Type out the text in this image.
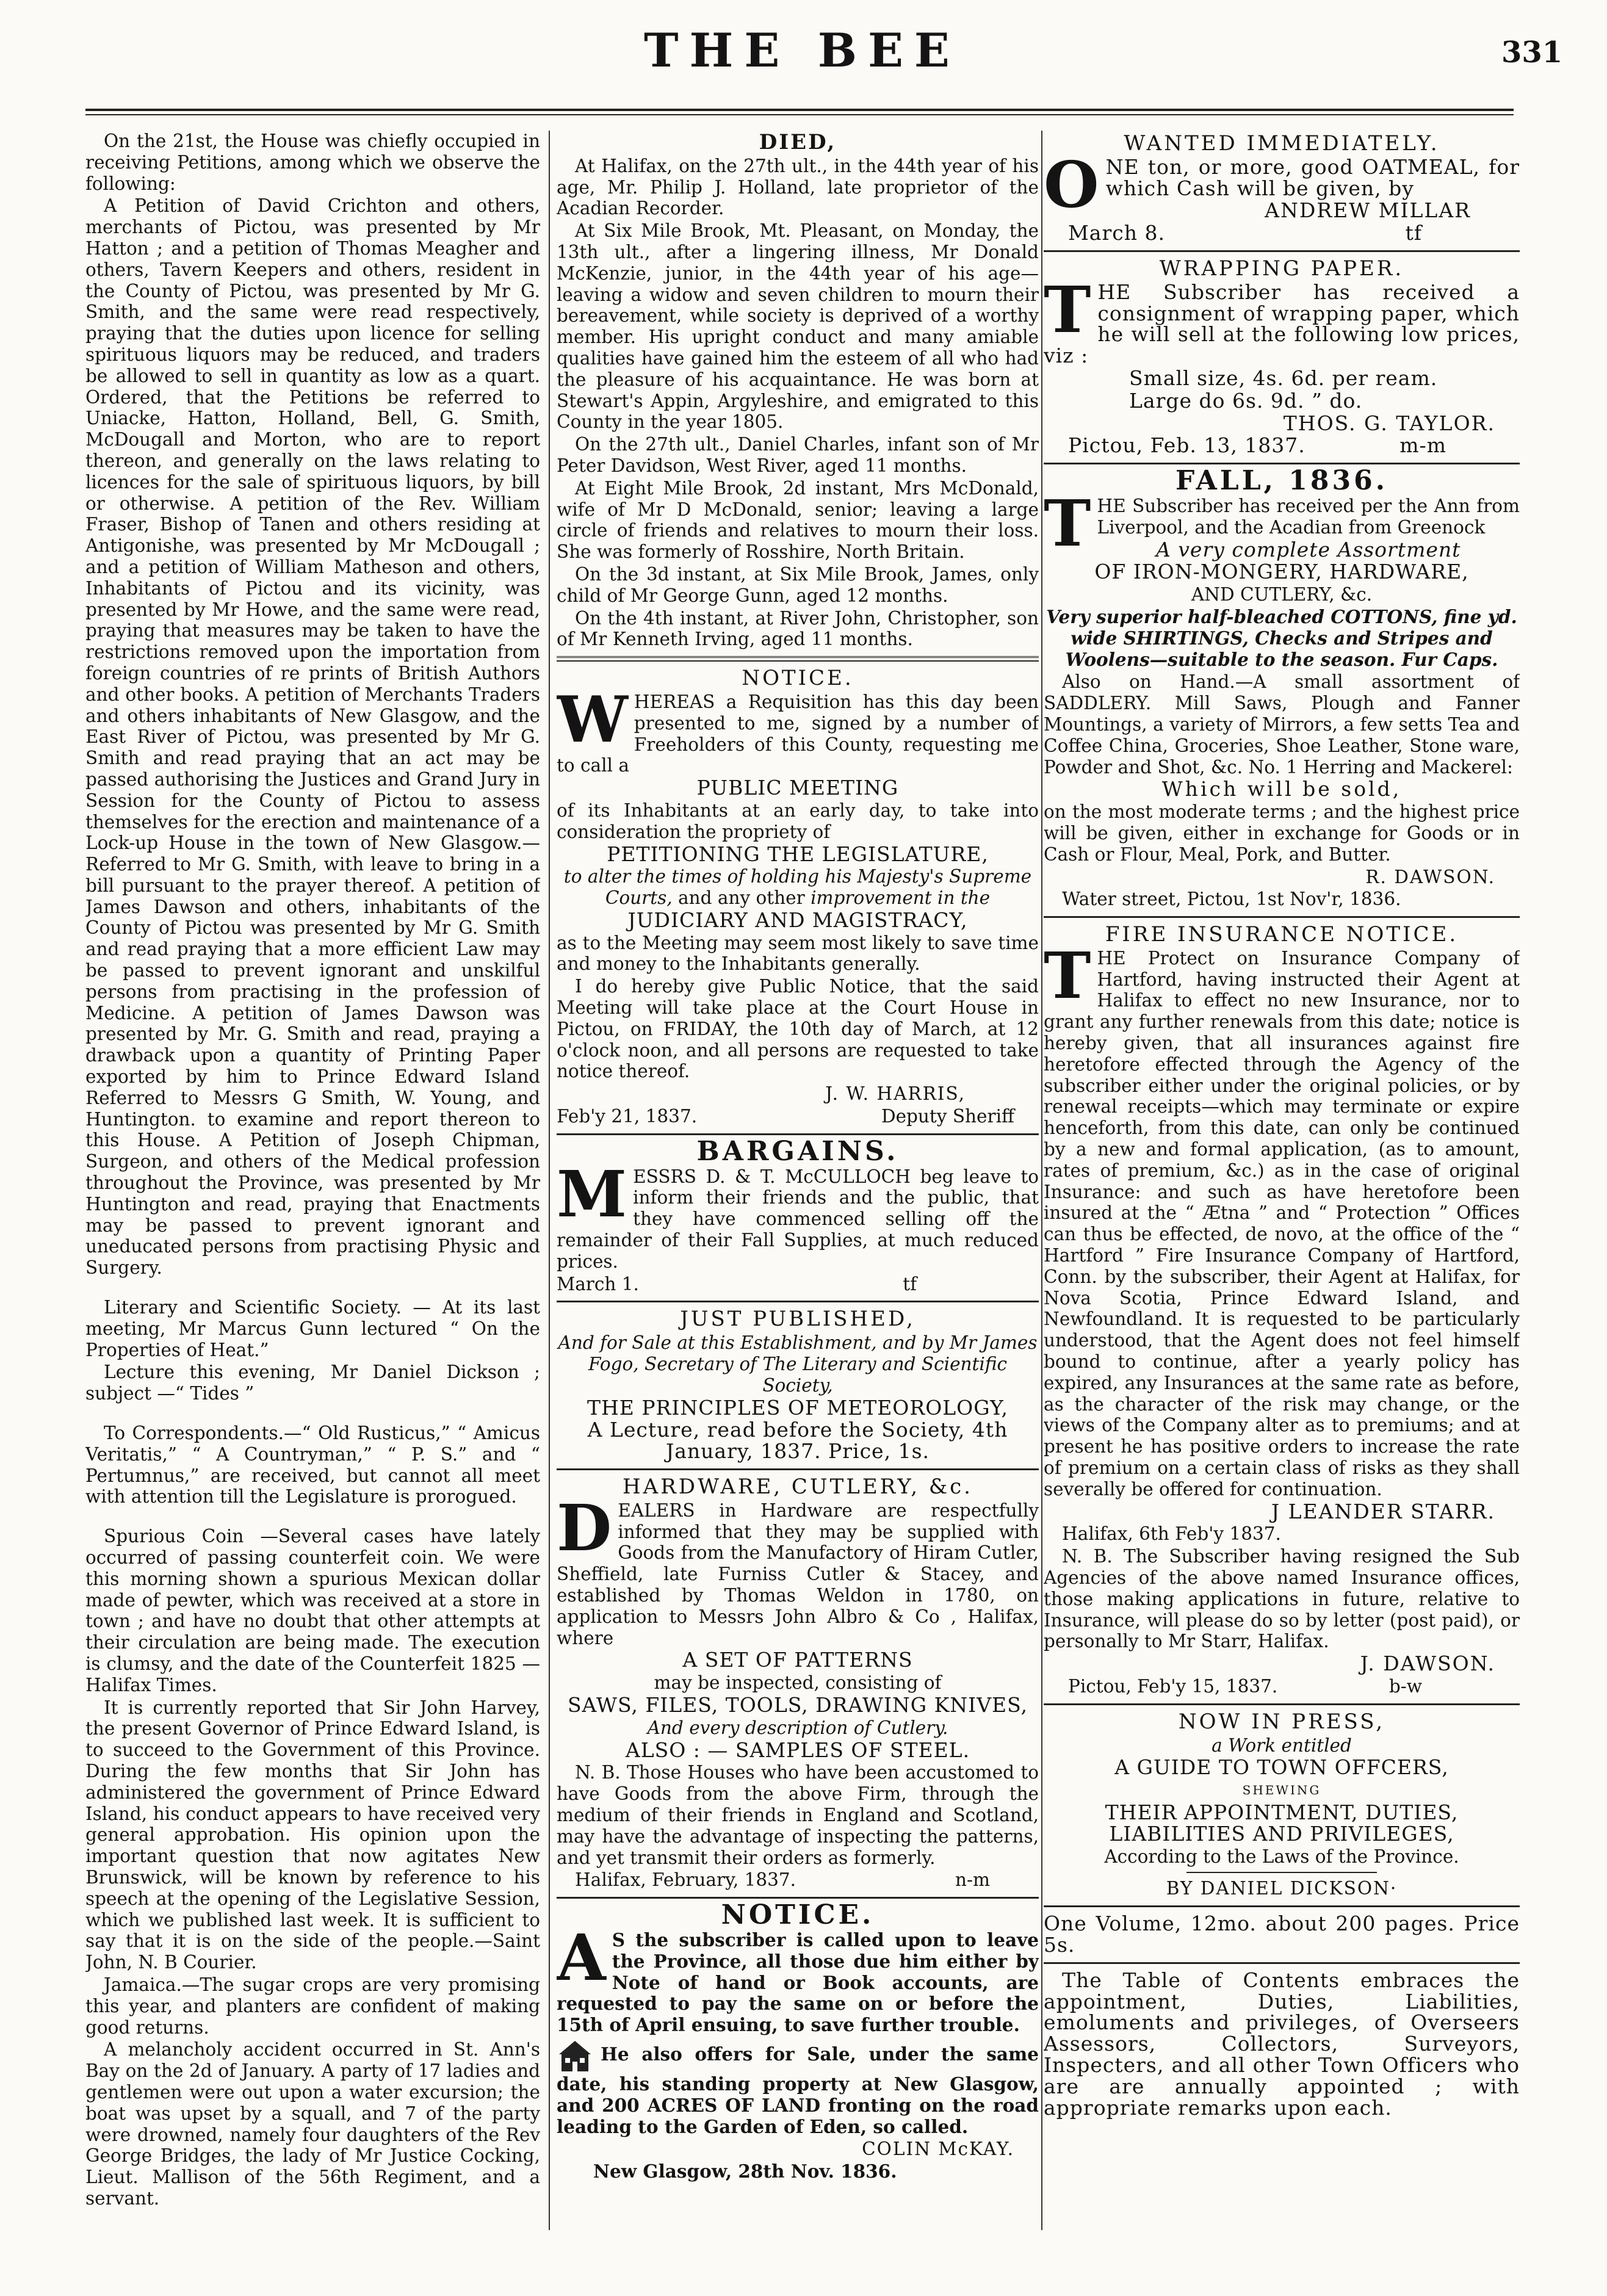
THE BEE	331

On the 21st, the House was chiefly occupied in receiving Petitions, among which we observe the following:

A Petition of David Crichton and others, merchants of Pictou, was presented by Mr Hatton ; and a petition of Thomas Meagher and others, Tavern Keepers and others, resident in the County of Pictou, was presented by Mr G. Smith, and the same were read respectively, praying that the duties upon licence for selling spirituous liquors may be reduced, and traders be allowed to sell in quantity as low as a quart. Ordered, that the Petitions be referred to Uniacke, Hatton, Holland, Bell, G. Smith, McDougall and Morton, who are to report thereon, and generally on the laws relating to licences for the sale of spirituous liquors, by bill or otherwise. A petition of the Rev. William Fraser, Bishop of Tanen and others residing at Antigonishe, was presented by Mr McDougall ; and a petition of William Matheson and others, Inhabitants of Pictou and its vicinity, was presented by Mr Howe, and the same were read, praying that measures may be taken to have the restrictions removed upon the importation from foreign countries of re prints of British Authors and other books. A petition of Merchants Traders and others inhabitants of New Glasgow, and the East River of Pictou, was presented by Mr G. Smith and read praying that an act may be passed authorising the Justices and Grand Jury in Session for the County of Pictou to assess themselves for the erection and maintenance of a Lock-up House in the town of New Glasgow.—Referred to Mr G. Smith, with leave to bring in a bill pursuant to the prayer thereof. A petition of James Dawson and others, inhabitants of the County of Pictou was presented by Mr G. Smith and read praying that a more efficient Law may be passed to prevent ignorant and unskilful persons from practising in the profession of Medicine. A petition of James Dawson was presented by Mr. G. Smith and read, praying a drawback upon a quantity of Printing Paper exported by him to Prince Edward Island Referred to Messrs G Smith, W. Young, and Huntington. to examine and report thereon to this House. A Petition of Joseph Chipman, Surgeon, and others of the Medical profession throughout the Province, was presented by Mr Huntington and read, praying that Enactments may be passed to prevent ignorant and uneducated persons from practising Physic and Surgery.

Literary and Scientific Society. — At its last meeting, Mr Marcus Gunn lectured “ On the Properties of Heat.”

Lecture this evening, Mr Daniel Dickson ; subject —“ Tides ”

To Correspondents.—“ Old Rusticus,” “ Amicus Veritatis,” “ A Countryman,” “ P. S.” and “ Pertumnus,” are received, but cannot all meet with attention till the Legislature is prorogued.

Spurious Coin —Several cases have lately occurred of passing counterfeit coin. We were this morning shown a spurious Mexican dollar made of pewter, which was received at a store in town ; and have no doubt that other attempts at their circulation are being made. The execution is clumsy, and the date of the Counterfeit 1825 —Halifax Times.

It is currently reported that Sir John Harvey, the present Governor of Prince Edward Island, is to succeed to the Government of this Province. During the few months that Sir John has administered the government of Prince Edward Island, his conduct appears to have received very general approbation. His opinion upon the important question that now agitates New Brunswick, will be known by reference to his speech at the opening of the Legislative Session, which we published last week. It is sufficient to say that it is on the side of the people.—Saint John, N. B Courier.

Jamaica.—The sugar crops are very promising this year, and planters are confident of making good returns.

A melancholy accident occurred in St. Ann's Bay on the 2d of January. A party of 17 ladies and gentlemen were out upon a water excursion; the boat was upset by a squall, and 7 of the party were drowned, namely four daughters of the Rev George Bridges, the lady of Mr Justice Cocking, Lieut. Mallison of the 56th Regiment, and a servant.

DIED,

At Halifax, on the 27th ult., in the 44th year of his age, Mr. Philip J. Holland, late proprietor of the Acadian Recorder.

At Six Mile Brook, Mt. Pleasant, on Monday, the 13th ult., after a lingering illness, Mr Donald McKenzie, junior, in the 44th year of his age—leaving a widow and seven children to mourn their bereavement, while society is deprived of a worthy member. His upright conduct and many amiable qualities have gained him the esteem of all who had the pleasure of his acquaintance. He was born at Stewart's Appin, Argyleshire, and emigrated to this County in the year 1805.

On the 27th ult., Daniel Charles, infant son of Mr Peter Davidson, West River, aged 11 months.

At Eight Mile Brook, 2d instant, Mrs McDonald, wife of Mr D McDonald, senior; leaving a large circle of friends and relatives to mourn their loss. She was formerly of Rosshire, North Britain.

On the 3d instant, at Six Mile Brook, James, only child of Mr George Gunn, aged 12 months.

On the 4th instant, at River John, Christopher, son of Mr Kenneth Irving, aged 11 months.

NOTICE.

WHEREAS a Requisition has this day been presented to me, signed by a number of Freeholders of this County, requesting me to call a

PUBLIC MEETING

of its Inhabitants at an early day, to take into consideration the propriety of

PETITIONING THE LEGISLATURE,

to alter the times of holding his Majesty's Supreme Courts, and any other improvement in the

JUDICIARY AND MAGISTRACY,

as to the Meeting may seem most likely to save time and money to the Inhabitants generally.

I do hereby give Public Notice, that the said Meeting will take place at the Court House in Pictou, on FRIDAY, the 10th day of March, at 12 o'clock noon, and all persons are requested to take notice thereof.

J. W. HARRIS,

Feb'y 21, 1837.	Deputy Sheriff

BARGAINS.

MESSRS D. & T. McCULLOCH beg leave to inform their friends and the public, that they have commenced selling off the remainder of their Fall Supplies, at much reduced prices.

March 1.	tf

JUST PUBLISHED,

And for Sale at this Establishment, and by Mr James Fogo, Secretary of The Literary and Scientific Society,

THE PRINCIPLES OF METEOROLOGY,

A Lecture, read before the Society, 4th January, 1837. Price, 1s.

HARDWARE, CUTLERY, &c.

DEALERS in Hardware are respectfully informed that they may be supplied with Goods from the Manufactory of Hiram Cutler, Sheffield, late Furniss Cutler & Stacey, and established by Thomas Weldon in 1780, on application to Messrs John Albro & Co , Halifax, where

A SET OF PATTERNS

may be inspected, consisting of

SAWS, FILES, TOOLS, DRAWING KNIVES,

And every description of Cutlery.

ALSO : — SAMPLES OF STEEL.

N. B. Those Houses who have been accustomed to have Goods from the above Firm, through the medium of their friends in England and Scotland, may have the advantage of inspecting the patterns, and yet transmit their orders as formerly.

Halifax, February, 1837.	n-m

NOTICE.

A S the subscriber is called upon to leave the Province, all those due him either by Note of hand or Book accounts, are requested to pay the same on or before the 15th of April ensuing, to save further trouble.

He also offers for Sale, under the same date, his standing property at New Glasgow, and 200 ACRES OF LAND fronting on the road leading to the Garden of Eden, so called.

COLIN McKAY.

New Glasgow, 28th Nov. 1836.

WANTED IMMEDIATELY.

ONE ton, or more, good OATMEAL, for which Cash will be given, by

ANDREW MILLAR

March 8.	tf

WRAPPING PAPER.

THE Subscriber has received a consignment of wrapping paper, which he will sell at the following low prices, viz :

Small size, 4s. 6d. per ream.

Large do 6s. 9d. ” do.

THOS. G. TAYLOR.

Pictou, Feb. 13, 1837.	m-m

FALL, 1836.

THE Subscriber has received per the Ann from Liverpool, and the Acadian from Greenock

A very complete Assortment

OF IRON-MONGERY, HARDWARE,

AND CUTLERY, &c.

Very superior half-bleached COTTONS, fine yd. wide SHIRTINGS, Checks and Stripes and Woolens—suitable to the season. Fur Caps.

Also on Hand.—A small assortment of SADDLERY. Mill Saws, Plough and Fanner Mountings, a variety of Mirrors, a few setts Tea and Coffee China, Groceries, Shoe Leather, Stone ware, Powder and Shot, &c. No. 1 Herring and Mackerel:

Which will be sold,

on the most moderate terms ; and the highest price will be given, either in exchange for Goods or in Cash or Flour, Meal, Pork, and Butter.

R. DAWSON.

Water street, Pictou, 1st Nov'r, 1836.

FIRE INSURANCE NOTICE.

THE Protect on Insurance Company of Hartford, having instructed their Agent at Halifax to effect no new Insurance, nor to grant any further renewals from this date; notice is hereby given, that all insurances against fire heretofore effected through the Agency of the subscriber either under the original policies, or by renewal receipts—which may terminate or expire henceforth, from this date, can only be continued by a new and formal application, (as to amount, rates of premium, &c.) as in the case of original Insurance: and such as have heretofore been insured at the “ Ætna ” and “ Protection ” Offices can thus be effected, de novo, at the office of the “ Hartford ” Fire Insurance Company of Hartford, Conn. by the subscriber, their Agent at Halifax, for Nova Scotia, Prince Edward Island, and Newfoundland. It is requested to be particularly understood, that the Agent does not feel himself bound to continue, after a yearly policy has expired, any Insurances at the same rate as before, as the character of the risk may change, or the views of the Company alter as to premiums; and at present he has positive orders to increase the rate of premium on a certain class of risks as they shall severally be offered for continuation.

J LEANDER STARR.

Halifax, 6th Feb'y 1837.

N. B. The Subscriber having resigned the Sub Agencies of the above named Insurance offices, those making applications in future, relative to Insurance, will please do so by letter (post paid), or personally to Mr Starr, Halifax.

J. DAWSON.

Pictou, Feb'y 15, 1837.	b-w

NOW IN PRESS,

a Work entitled

A GUIDE TO TOWN OFFCERS,

SHEWING

THEIR APPOINTMENT, DUTIES, LIABILITIES AND PRIVILEGES,

According to the Laws of the Province.

BY DANIEL DICKSON·

One Volume, 12mo. about 200 pages. Price 5s.

The Table of Contents embraces the appointment, Duties, Liabilities, emoluments and privileges, of Overseers Assessors, Collectors, Surveyors, Inspecters, and all other Town Officers who are are annually appointed ; with appropriate remarks upon each.
